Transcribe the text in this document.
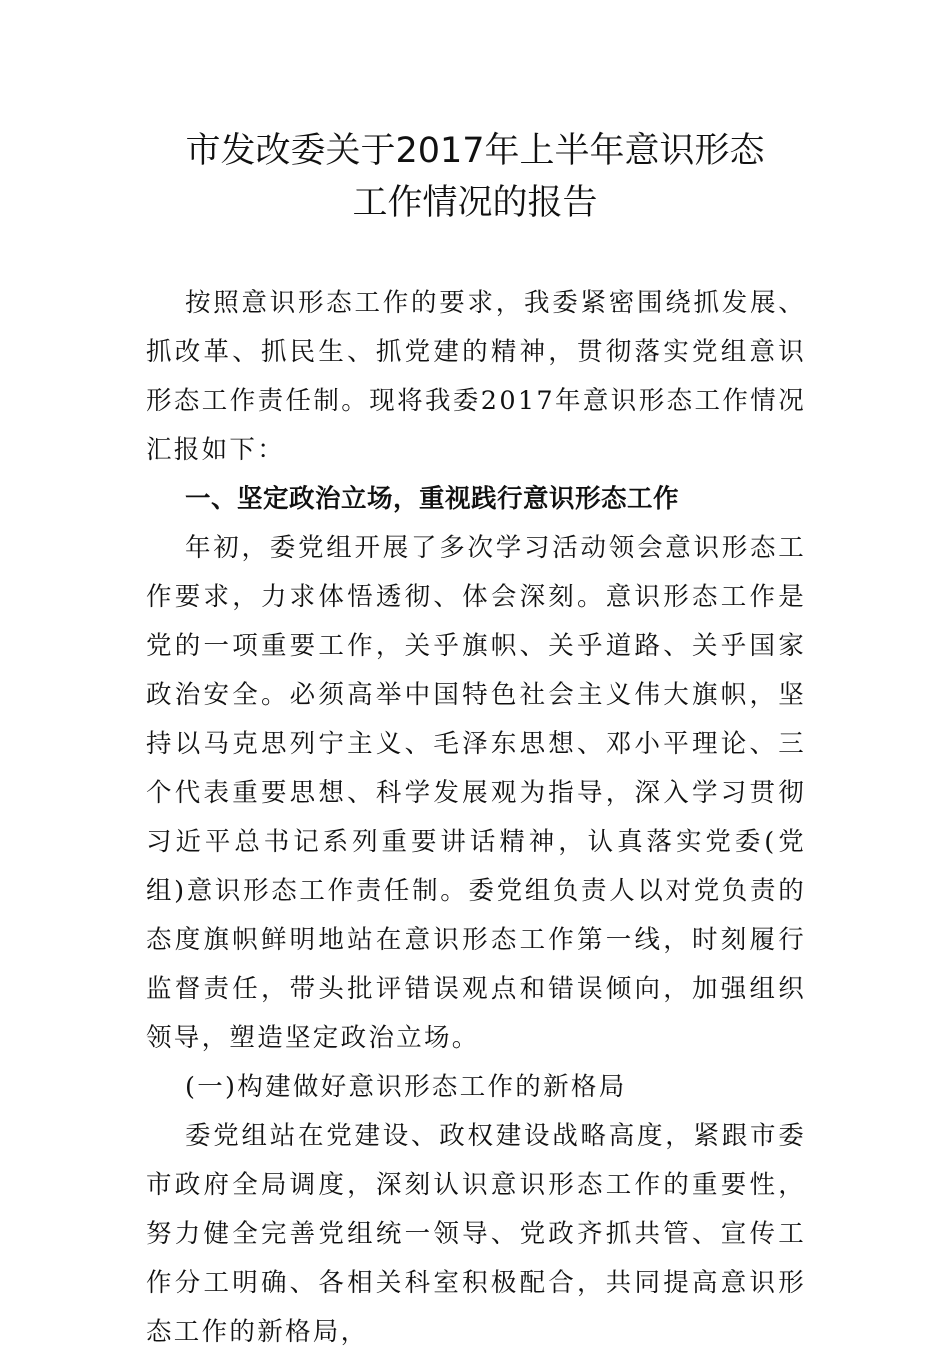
市发改委关于2017年上半年意识形态
工作情况的报告

按照意识形态工作的要求，我委紧密围绕抓发展、抓改革、抓民生、抓党建的精神，贯彻落实党组意识形态工作责任制。现将我委2017年意识形态工作情况汇报如下：

一、坚定政治立场，重视践行意识形态工作

年初，委党组开展了多次学习活动领会意识形态工作要求，力求体悟透彻、体会深刻。意识形态工作是党的一项重要工作，关乎旗帜、关乎道路、关乎国家政治安全。必须高举中国特色社会主义伟大旗帜，坚持以马克思列宁主义、毛泽东思想、邓小平理论、三个代表重要思想、科学发展观为指导，深入学习贯彻习近平总书记系列重要讲话精神，认真落实党委(党组)意识形态工作责任制。委党组负责人以对党负责的态度旗帜鲜明地站在意识形态工作第一线，时刻履行监督责任，带头批评错误观点和错误倾向，加强组织领导，塑造坚定政治立场。

(一)构建做好意识形态工作的新格局

委党组站在党建设、政权建设战略高度，紧跟市委市政府全局调度，深刻认识意识形态工作的重要性，努力健全完善党组统一领导、党政齐抓共管、宣传工作分工明确、各相关科室积极配合，共同提高意识形态工作的新格局，
